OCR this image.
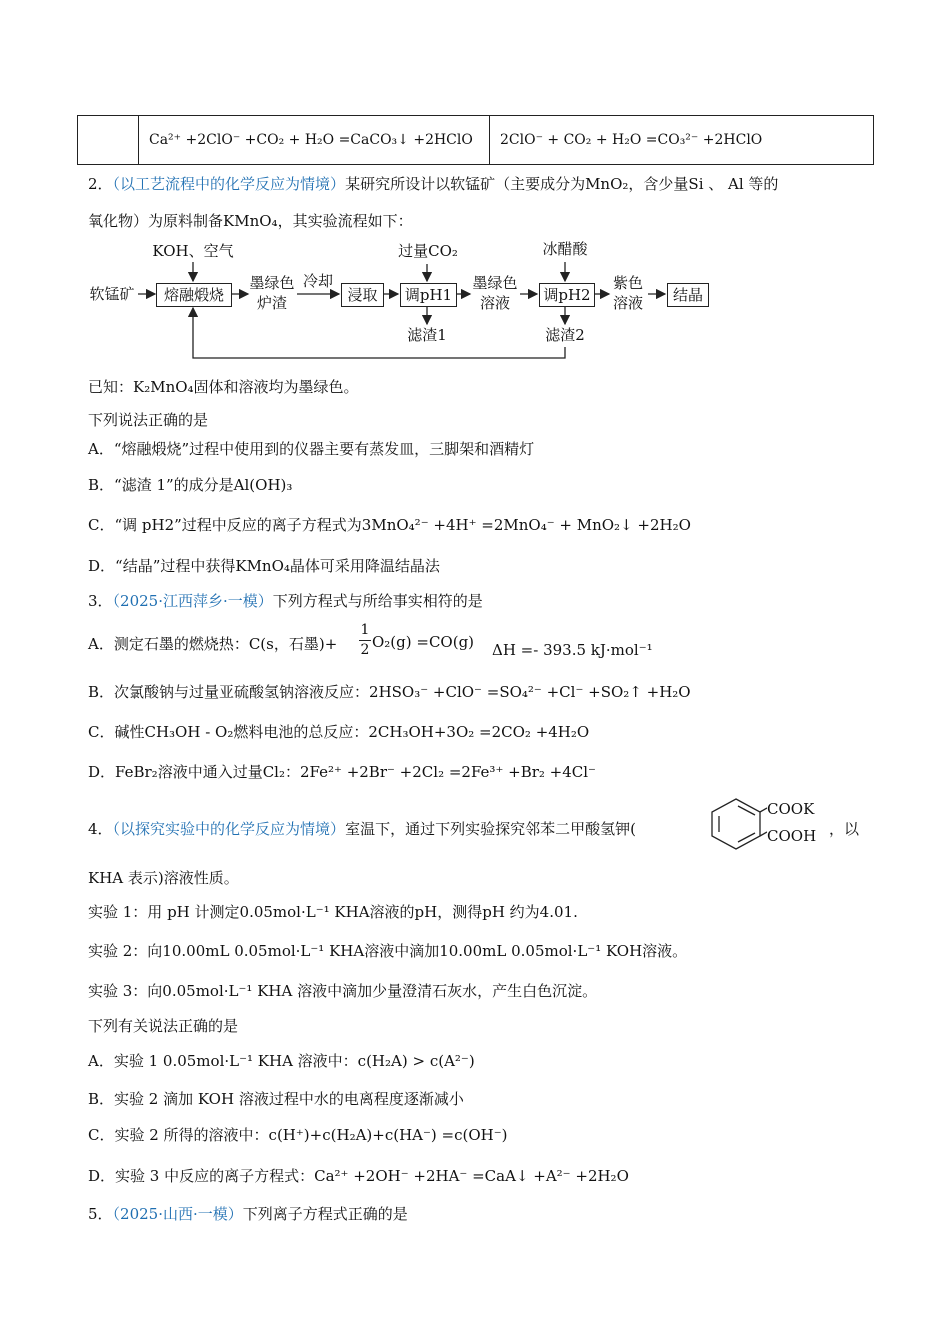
	Ca²⁺ +2ClO⁻ +CO₂ + H₂O =CaCO₃↓ +2HClO	2ClO⁻ + CO₂ + H₂O =CO₃²⁻ +2HClO
2．（以工艺流程中的化学反应为情境）某研究所设计以软锰矿（主要成分为MnO₂，含少量Si 、 Al 等的
氧化物）为原料制备KMnO₄，其实验流程如下：
KOH、空气	过量CO₂	冰醋酸
软锰矿	熔融煅烧
墨绿色
炉渣
冷却
浸取	调pH1
墨绿色
溶液	调pH2
紫色
溶液	结晶
滤渣1	滤渣2
已知：K₂MnO₄固体和溶液均为墨绿色。
下列说法正确的是
A．“熔融煅烧”过程中使用到的仪器主要有蒸发皿，三脚架和酒精灯
B．“滤渣 1”的成分是Al(OH)₃
C．“调 pH2”过程中反应的离子方程式为3MnO₄²⁻ +4H⁺ =2MnO₄⁻ + MnO₂↓ +2H₂O
D．“结晶”过程中获得KMnO₄晶体可采用降温结晶法
3．（2025·江西萍乡·一模）下列方程式与所给事实相符的是
A．测定石墨的燃烧热：C(s，石墨)+ $\frac{1}{2} O_2(g) =CO(g) \Delta H =- 393.5$ kJ·mol⁻¹
B．次氯酸钠与过量亚硫酸氢钠溶液反应：2HSO₃⁻ +ClO⁻ =SO₄²⁻ +Cl⁻ +SO₂↑ +H₂O
C．碱性CH₃OH - O₂燃料电池的总反应：2CH₃OH+3O₂ =2CO₂ +4H₂O
D．FeBr₂溶液中通入过量Cl₂：2Fe²⁺ +2Br⁻ +2Cl₂ =2Fe³⁺ +Br₂ +4Cl⁻
4．（以探究实验中的化学反应为情境）室温下，通过下列实验探究邻苯二甲酸氢钾(
COOK
COOH ，以
KHA 表示)溶液性质。
实验 1：用 pH 计测定0.05mol·L⁻¹ KHA溶液的pH，测得pH 约为4.01.
实验 2：向10.00mL 0.05mol·L⁻¹ KHA溶液中滴加10.00mL 0.05mol·L⁻¹ KOH溶液。
实验 3：向0.05mol·L⁻¹ KHA 溶液中滴加少量澄清石灰水，产生白色沉淀。
下列有关说法正确的是
A．实验 1 0.05mol·L⁻¹ KHA 溶液中：c(H₂A) > c(A²⁻)
B．实验 2 滴加 KOH 溶液过程中水的电离程度逐渐减小
C．实验 2 所得的溶液中：c(H⁺)+c(H₂A)+c(HA⁻) =c(OH⁻)
D．实验 3 中反应的离子方程式：Ca²⁺ +2OH⁻ +2HA⁻ =CaA↓ +A²⁻ +2H₂O
5．（2025·山西·一模）下列离子方程式正确的是
